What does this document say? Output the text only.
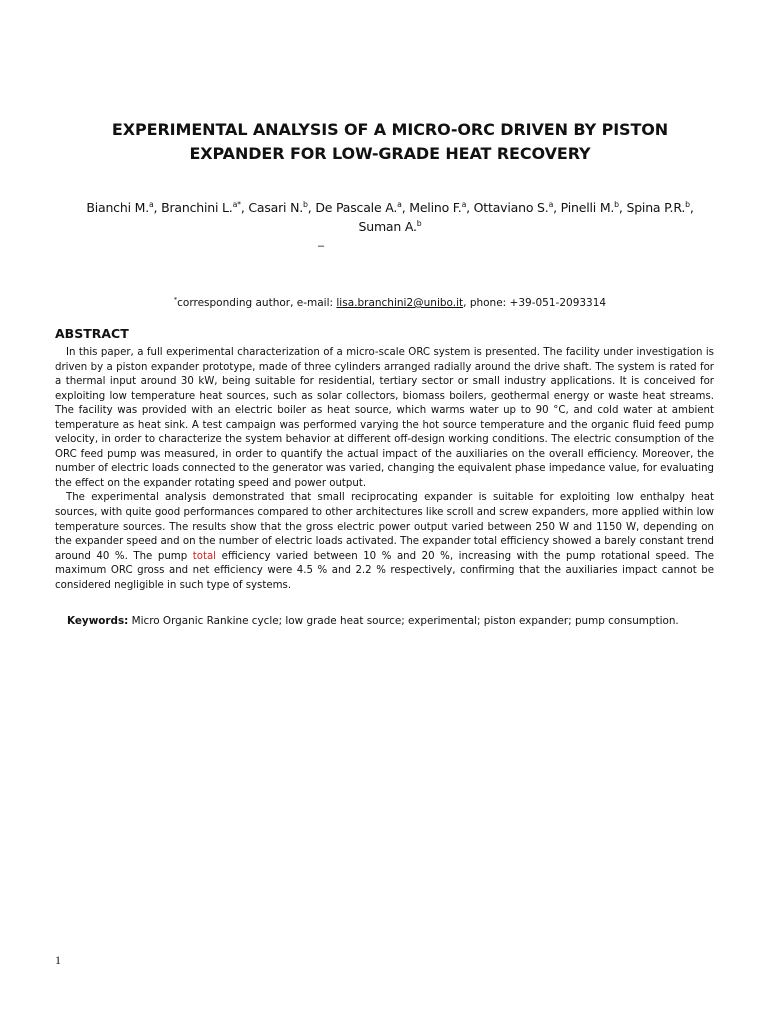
EXPERIMENTAL ANALYSIS OF A MICRO-ORC DRIVEN BY PISTON
EXPANDER FOR LOW-GRADE HEAT RECOVERY
Bianchi M.$^a$, Branchini L.$^{a*}$, Casari N.$^b$, De Pascale A.$^a$, Melino F.$^a$, Ottaviano S.$^a$, Pinelli M.$^b$, Spina P.R.$^b$,
Suman A.$^b$
–
*corresponding author, e-mail: lisa.branchini2@unibo.it, phone: +39-051-2093314
ABSTRACT

In this paper, a full experimental characterization of a micro-scale ORC system is presented. The facility under investigation is driven by a piston expander prototype, made of three cylinders arranged radially around the drive shaft. The system is rated for a thermal input around 30 kW, being suitable for residential, tertiary sector or small industry applications. It is conceived for exploiting low temperature heat sources, such as solar collectors, biomass boilers, geothermal energy or waste heat streams. The facility was provided with an electric boiler as heat source, which warms water up to 90 °C, and cold water at ambient temperature as heat sink. A test campaign was performed varying the hot source temperature and the organic fluid feed pump velocity, in order to characterize the system behavior at different off-design working conditions. The electric consumption of the ORC feed pump was measured, in order to quantify the actual impact of the auxiliaries on the overall efficiency. Moreover, the number of electric loads connected to the generator was varied, changing the equivalent phase impedance value, for evaluating the effect on the expander rotating speed and power output.

The experimental analysis demonstrated that small reciprocating expander is suitable for exploiting low enthalpy heat sources, with quite good performances compared to other architectures like scroll and screw expanders, more applied within low temperature sources. The results show that the gross electric power output varied between 250 W and 1150 W, depending on the expander speed and on the number of electric loads activated. The expander total efficiency showed a barely constant trend around 40 %. The pump total efficiency varied between 10 % and 20 %, increasing with the pump rotational speed. The maximum ORC gross and net efficiency were 4.5 % and 2.2 % respectively, confirming that the auxiliaries impact cannot be considered negligible in such type of systems.

Keywords: Micro Organic Rankine cycle; low grade heat source; experimental; piston expander; pump consumption.
1
